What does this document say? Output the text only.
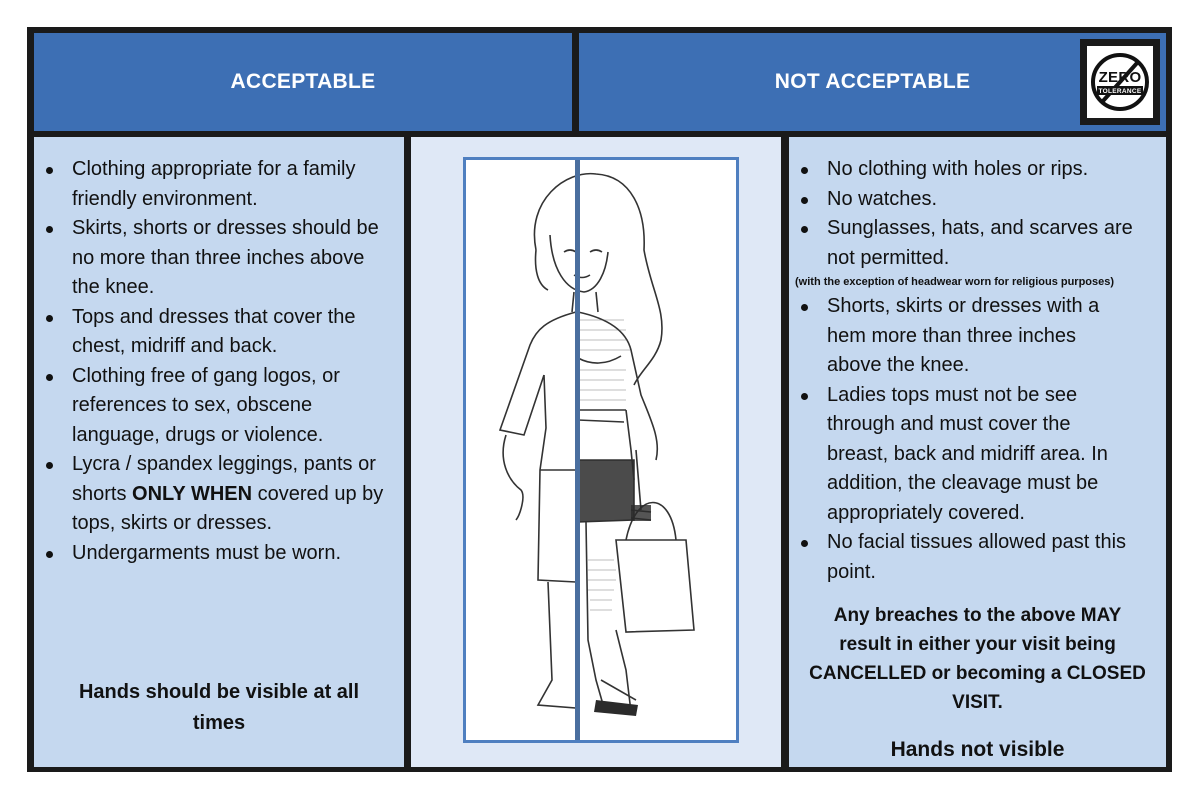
ACCEPTABLE	NOT ACCEPTABLE	ZERO
TOLERANCE
Clothing appropriate for a family
friendly environment.
Skirts, shorts or dresses should be
no more than three inches above
the knee.
Tops and dresses that cover the
chest, midriff and back.
Clothing free of gang logos, or
references to sex, obscene
language, drugs or violence.
Lycra / spandex leggings, pants or
shorts ONLY WHEN covered up by
tops, skirts or dresses.
Undergarments must be worn.
Hands should be visible at all
times
No clothing with holes or rips.
No watches.
Sunglasses, hats, and scarves are
not permitted.
(with the exception of headwear worn for religious purposes)
Shorts, skirts or dresses with a
hem more than three inches
above the knee.
Ladies tops must not be see
through and must cover the
breast, back and midriff area. In
addition, the cleavage must be
appropriately covered.
No facial tissues allowed past this
point.
Any breaches to the above MAY
result in either your visit being
CANCELLED or becoming a CLOSED
VISIT.
Hands not visible
